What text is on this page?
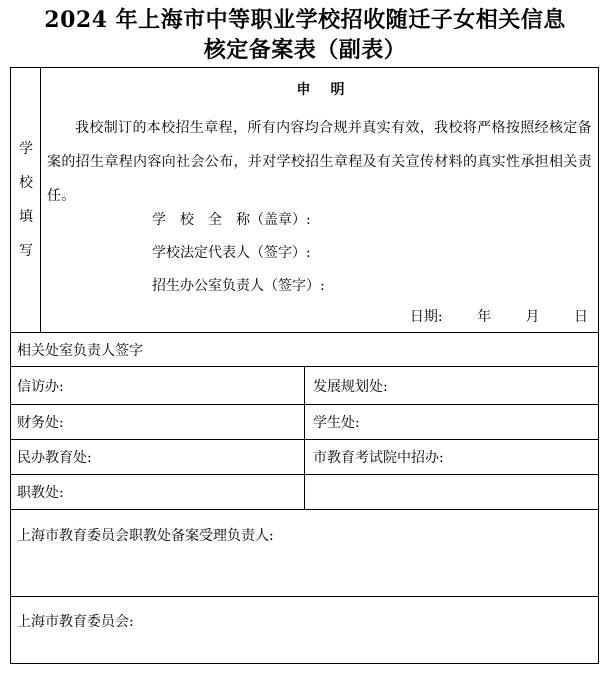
2024 年上海市中等职业学校招收随迁子女相关信息
核定备案表（副表）
学
校
填
写
申明
我校制订的本校招生章程，所有内容均合规并真实有效，我校将严格按照经核定备案的招生章程内容向社会公布，并对学校招生章程及有关宣传材料的真实性承担相关责任。
学　校　全　称（盖章）:
学校法定代表人（签字）:
招生办公室负责人（签字）:
日期: 　年 　月 　日
相关处室负责人签字
信访办:	发展规划处:
财务处:	学生处:
民办教育处:	市教育考试院中招办:
职教处:
上海市教育委员会职教处备案受理负责人:
上海市教育委员会:
